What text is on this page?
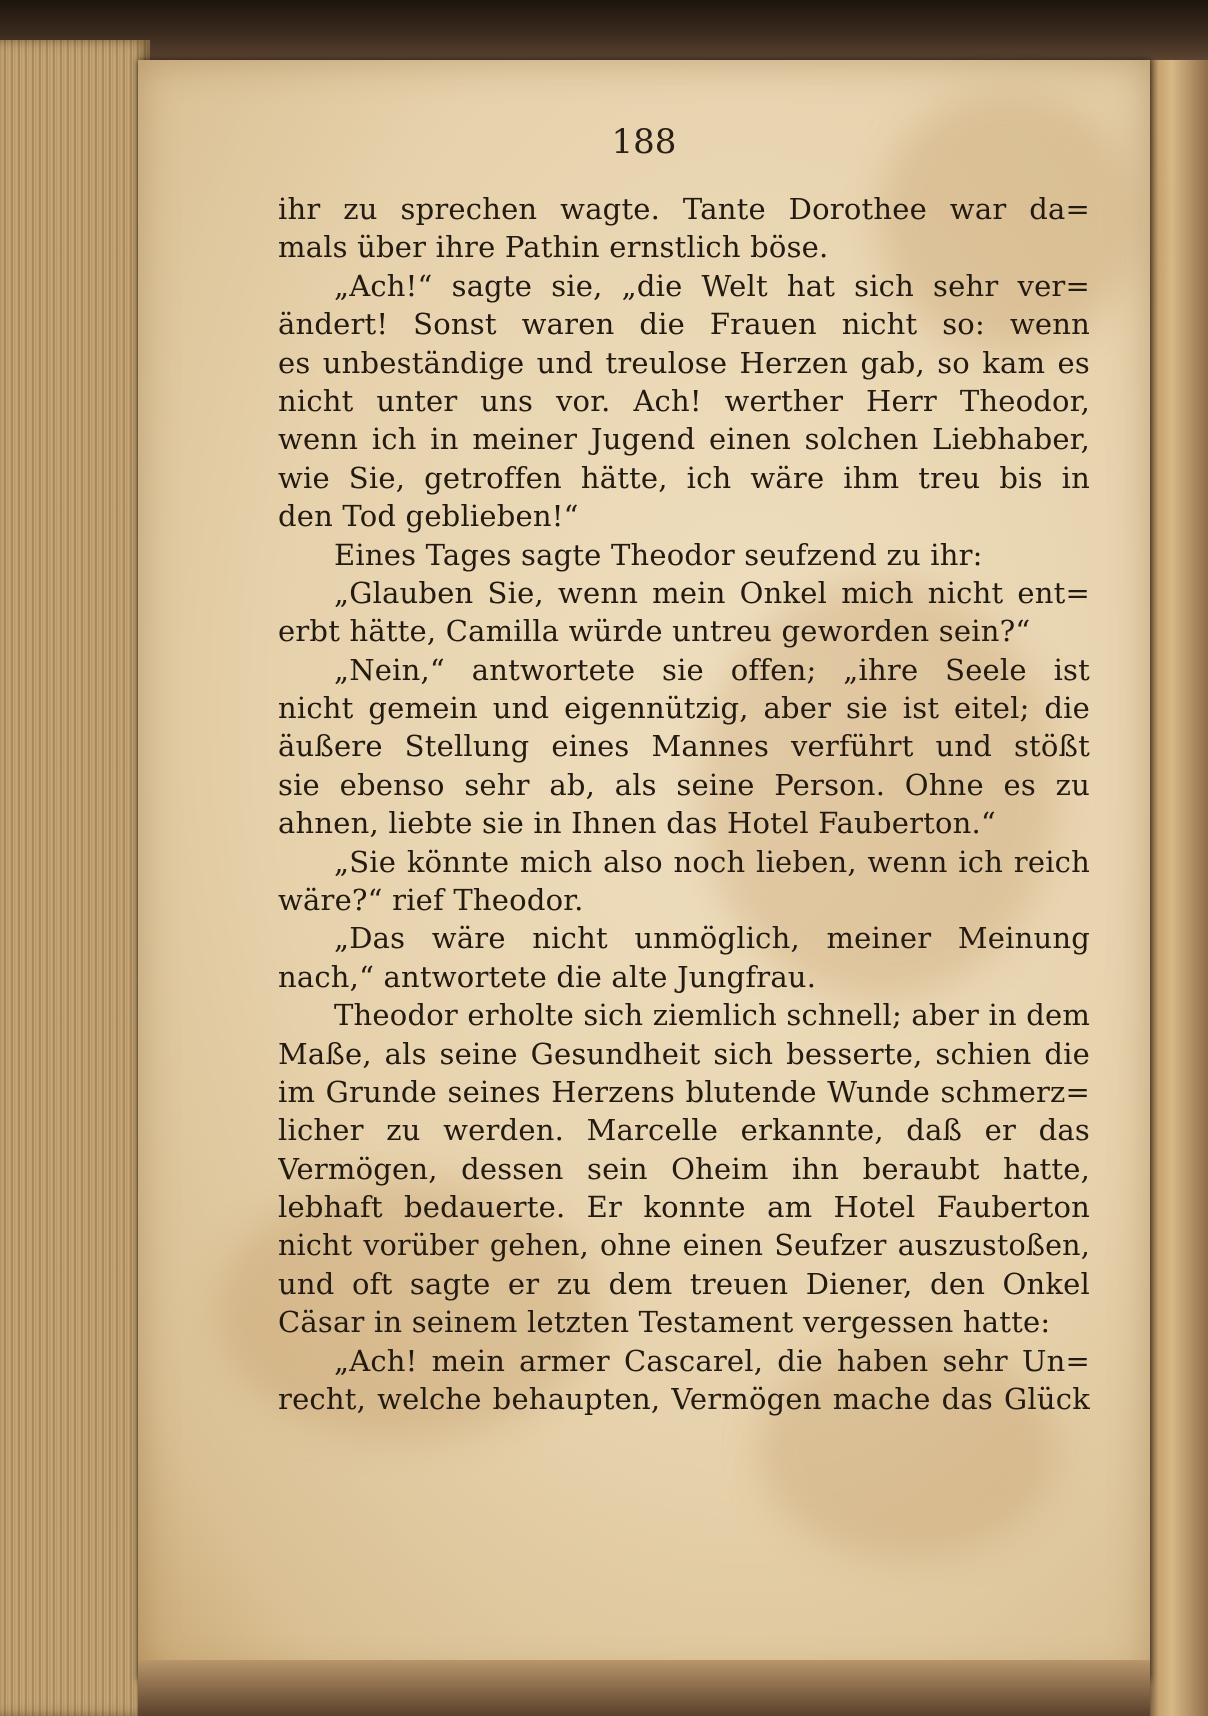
188
ihr zu sprechen wagte. Tante Dorothee war da=
mals über ihre Pathin ernstlich böse.
„Ach!“ sagte sie, „die Welt hat sich sehr ver=
ändert! Sonst waren die Frauen nicht so: wenn
es unbeständige und treulose Herzen gab, so kam es
nicht unter uns vor. Ach! werther Herr Theodor,
wenn ich in meiner Jugend einen solchen Liebhaber,
wie Sie, getroffen hätte, ich wäre ihm treu bis in
den Tod geblieben!“
Eines Tages sagte Theodor seufzend zu ihr:
„Glauben Sie, wenn mein Onkel mich nicht ent=
erbt hätte, Camilla würde untreu geworden sein?“
„Nein,“ antwortete sie offen; „ihre Seele ist
nicht gemein und eigennützig, aber sie ist eitel; die
äußere Stellung eines Mannes verführt und stößt
sie ebenso sehr ab, als seine Person. Ohne es zu
ahnen, liebte sie in Ihnen das Hotel Fauberton.“
„Sie könnte mich also noch lieben, wenn ich reich
wäre?“ rief Theodor.
„Das wäre nicht unmöglich, meiner Meinung
nach,“ antwortete die alte Jungfrau.
Theodor erholte sich ziemlich schnell; aber in dem
Maße, als seine Gesundheit sich besserte, schien die
im Grunde seines Herzens blutende Wunde schmerz=
licher zu werden. Marcelle erkannte, daß er das
Vermögen, dessen sein Oheim ihn beraubt hatte,
lebhaft bedauerte. Er konnte am Hotel Fauberton
nicht vorüber gehen, ohne einen Seufzer auszustoßen,
und oft sagte er zu dem treuen Diener, den Onkel
Cäsar in seinem letzten Testament vergessen hatte:
„Ach! mein armer Cascarel, die haben sehr Un=
recht, welche behaupten, Vermögen mache das Glück
